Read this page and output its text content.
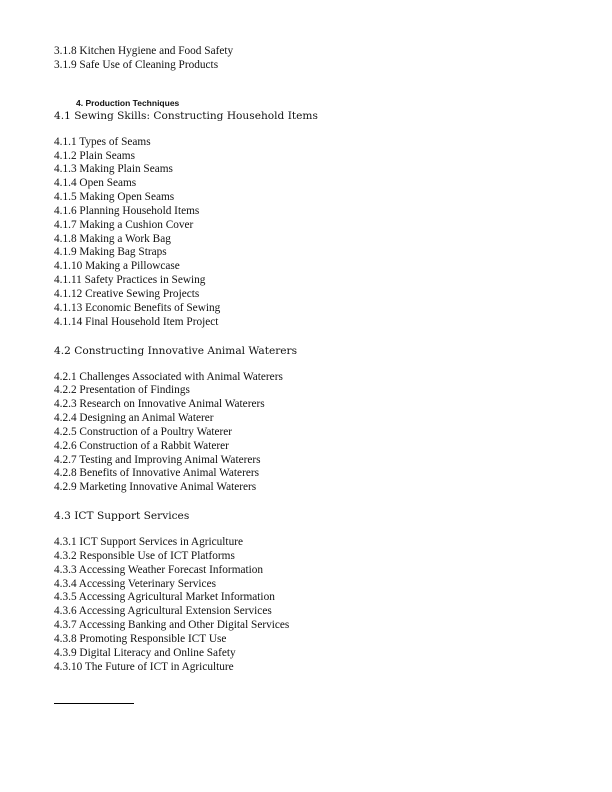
3.1.8 Kitchen Hygiene and Food Safety
3.1.9 Safe Use of Cleaning Products
4. Production Techniques
4.1 Sewing Skills: Constructing Household Items
4.1.1 Types of Seams
4.1.2 Plain Seams
4.1.3 Making Plain Seams
4.1.4 Open Seams
4.1.5 Making Open Seams
4.1.6 Planning Household Items
4.1.7 Making a Cushion Cover
4.1.8 Making a Work Bag
4.1.9 Making Bag Straps
4.1.10 Making a Pillowcase
4.1.11 Safety Practices in Sewing
4.1.12 Creative Sewing Projects
4.1.13 Economic Benefits of Sewing
4.1.14 Final Household Item Project
4.2 Constructing Innovative Animal Waterers
4.2.1 Challenges Associated with Animal Waterers
4.2.2 Presentation of Findings
4.2.3 Research on Innovative Animal Waterers
4.2.4 Designing an Animal Waterer
4.2.5 Construction of a Poultry Waterer
4.2.6 Construction of a Rabbit Waterer
4.2.7 Testing and Improving Animal Waterers
4.2.8 Benefits of Innovative Animal Waterers
4.2.9 Marketing Innovative Animal Waterers
4.3 ICT Support Services
4.3.1 ICT Support Services in Agriculture
4.3.2 Responsible Use of ICT Platforms
4.3.3 Accessing Weather Forecast Information
4.3.4 Accessing Veterinary Services
4.3.5 Accessing Agricultural Market Information
4.3.6 Accessing Agricultural Extension Services
4.3.7 Accessing Banking and Other Digital Services
4.3.8 Promoting Responsible ICT Use
4.3.9 Digital Literacy and Online Safety
4.3.10 The Future of ICT in Agriculture
